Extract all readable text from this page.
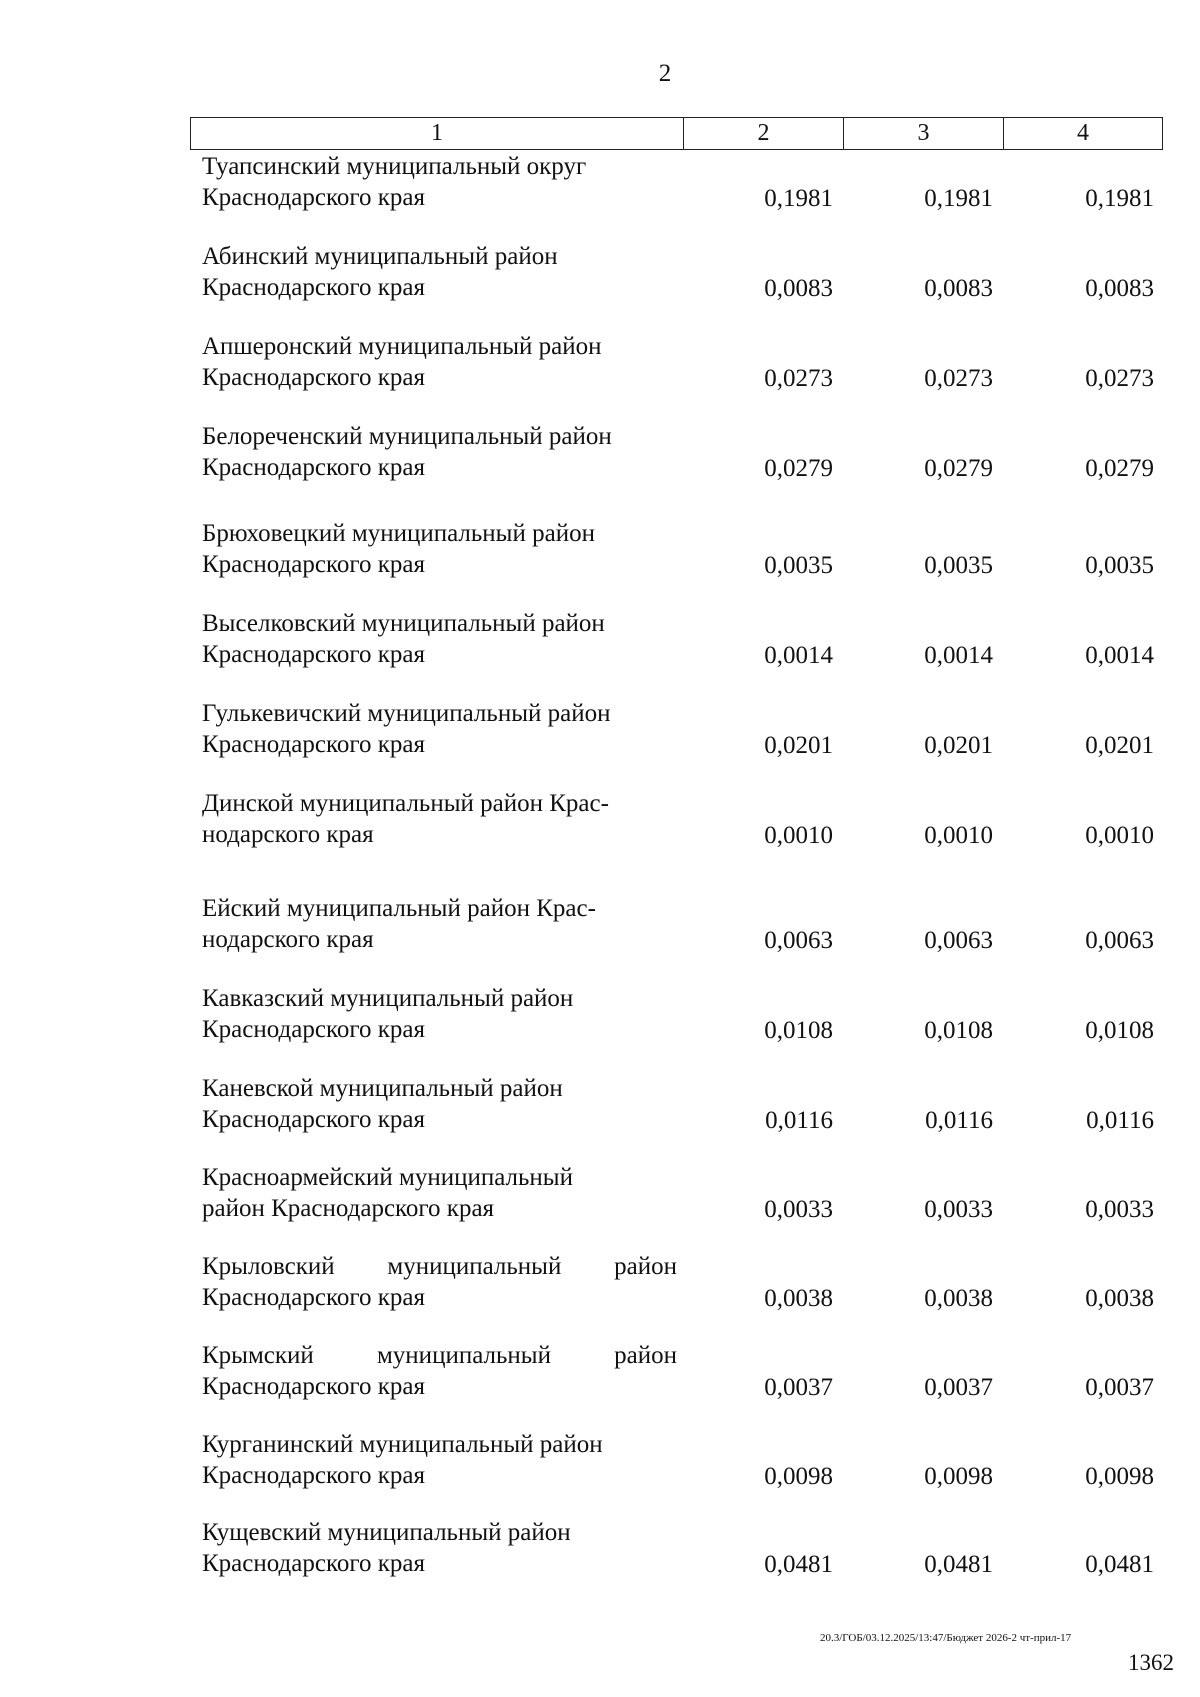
2
1	2	3	4
Туапсинский муниципальный округ
Краснодарского края	0,1981	0,1981	0,1981
Абинский муниципальный район
Краснодарского края	0,0083	0,0083	0,0083
Апшеронский муниципальный район
Краснодарского края	0,0273	0,0273	0,0273
Белореченский муниципальный район
Краснодарского края	0,0279	0,0279	0,0279
Брюховецкий муниципальный район
Краснодарского края	0,0035	0,0035	0,0035
Выселковский муниципальный район
Краснодарского края	0,0014	0,0014	0,0014
Гулькевичский муниципальный район
Краснодарского края	0,0201	0,0201	0,0201
Динской муниципальный район Крас-
нодарского края	0,0010	0,0010	0,0010
Ейский муниципальный район Крас-
нодарского края	0,0063	0,0063	0,0063
Кавказский муниципальный район
Краснодарского края	0,0108	0,0108	0,0108
Каневской муниципальный район
Краснодарского края	0,0116	0,0116	0,0116
Красноармейский муниципальный
район Краснодарского края	0,0033	0,0033	0,0033
Крыловский муниципальный район
Краснодарского края	0,0038	0,0038	0,0038
Крымский муниципальный район
Краснодарского края	0,0037	0,0037	0,0037
Курганинский муниципальный район
Краснодарского края	0,0098	0,0098	0,0098
Кущевский муниципальный район
Краснодарского края	0,0481	0,0481	0,0481
20.3/ГОБ/03.12.2025/13:47/Бюджет 2026-2 чт-прил-17
1362
